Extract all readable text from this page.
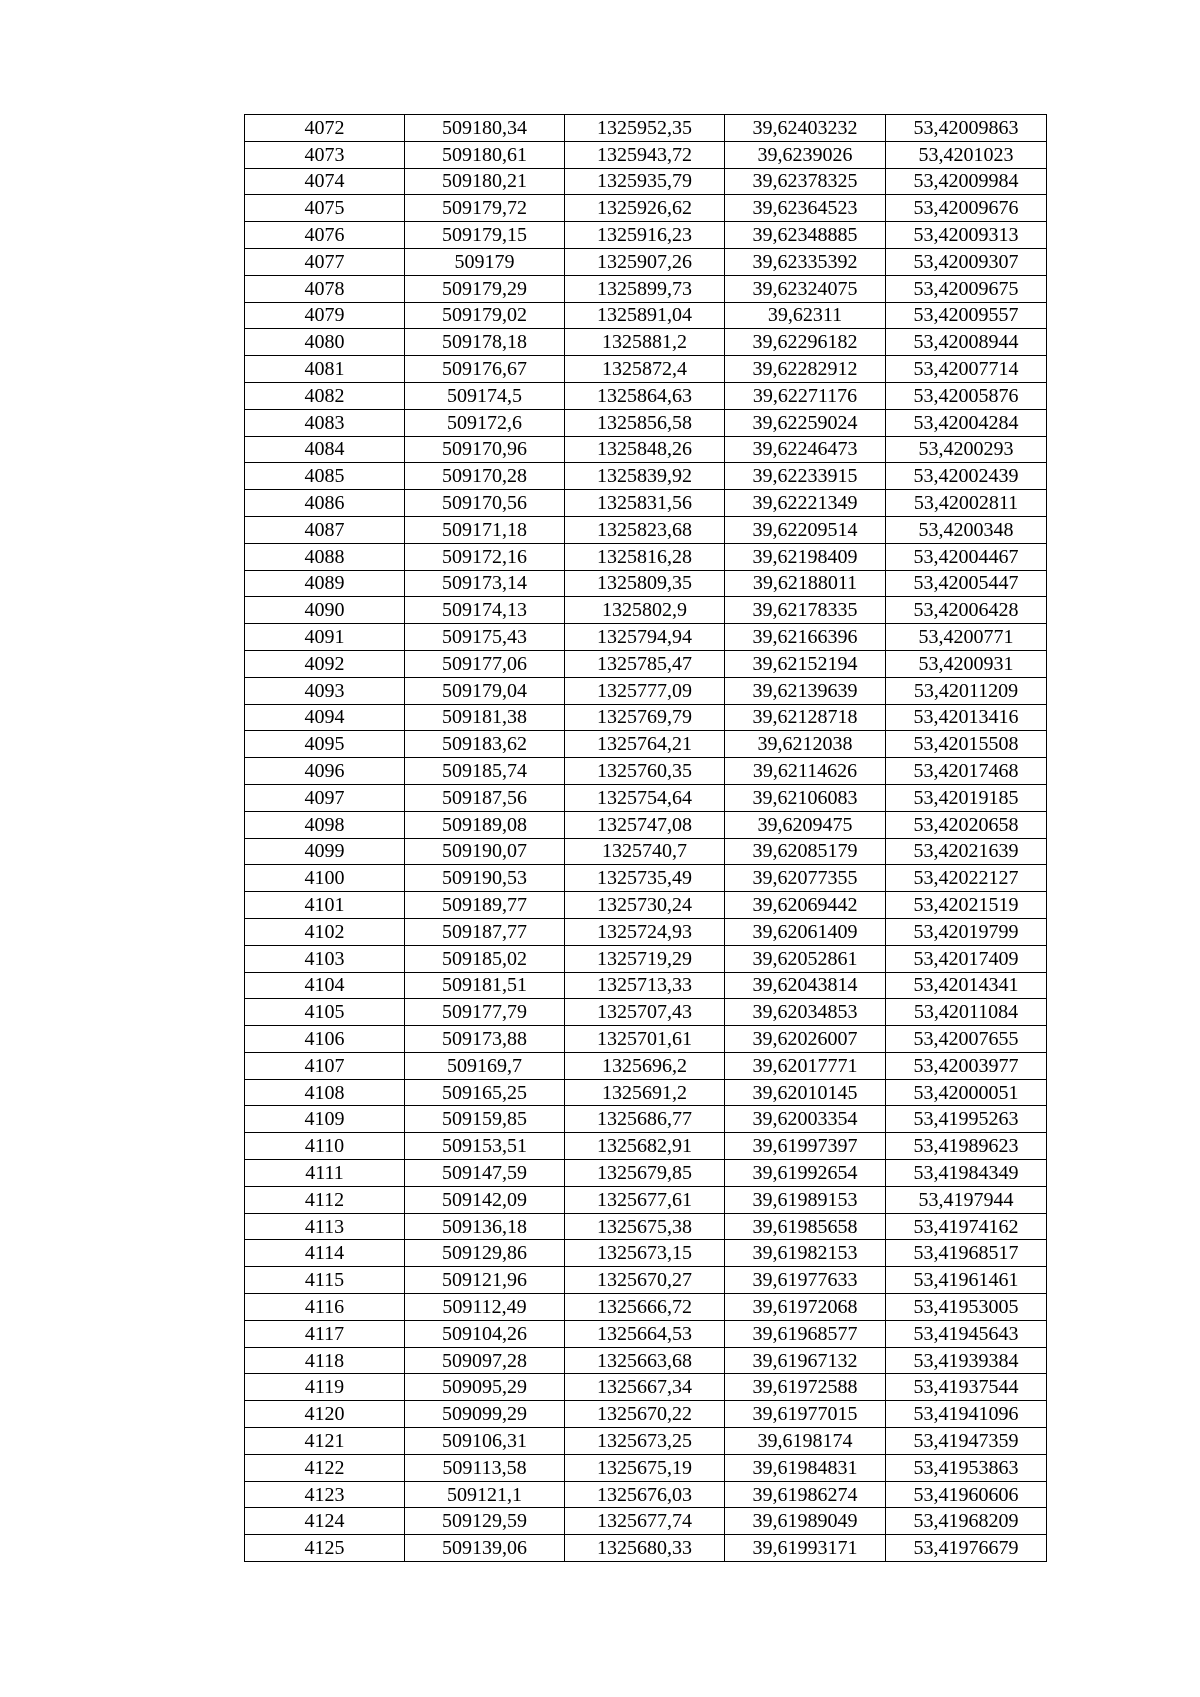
4072	509180,34	1325952,35	39,62403232	53,42009863
4073	509180,61	1325943,72	39,6239026	53,4201023
4074	509180,21	1325935,79	39,62378325	53,42009984
4075	509179,72	1325926,62	39,62364523	53,42009676
4076	509179,15	1325916,23	39,62348885	53,42009313
4077	509179	1325907,26	39,62335392	53,42009307
4078	509179,29	1325899,73	39,62324075	53,42009675
4079	509179,02	1325891,04	39,62311	53,42009557
4080	509178,18	1325881,2	39,62296182	53,42008944
4081	509176,67	1325872,4	39,62282912	53,42007714
4082	509174,5	1325864,63	39,62271176	53,42005876
4083	509172,6	1325856,58	39,62259024	53,42004284
4084	509170,96	1325848,26	39,62246473	53,4200293
4085	509170,28	1325839,92	39,62233915	53,42002439
4086	509170,56	1325831,56	39,62221349	53,42002811
4087	509171,18	1325823,68	39,62209514	53,4200348
4088	509172,16	1325816,28	39,62198409	53,42004467
4089	509173,14	1325809,35	39,62188011	53,42005447
4090	509174,13	1325802,9	39,62178335	53,42006428
4091	509175,43	1325794,94	39,62166396	53,4200771
4092	509177,06	1325785,47	39,62152194	53,4200931
4093	509179,04	1325777,09	39,62139639	53,42011209
4094	509181,38	1325769,79	39,62128718	53,42013416
4095	509183,62	1325764,21	39,6212038	53,42015508
4096	509185,74	1325760,35	39,62114626	53,42017468
4097	509187,56	1325754,64	39,62106083	53,42019185
4098	509189,08	1325747,08	39,6209475	53,42020658
4099	509190,07	1325740,7	39,62085179	53,42021639
4100	509190,53	1325735,49	39,62077355	53,42022127
4101	509189,77	1325730,24	39,62069442	53,42021519
4102	509187,77	1325724,93	39,62061409	53,42019799
4103	509185,02	1325719,29	39,62052861	53,42017409
4104	509181,51	1325713,33	39,62043814	53,42014341
4105	509177,79	1325707,43	39,62034853	53,42011084
4106	509173,88	1325701,61	39,62026007	53,42007655
4107	509169,7	1325696,2	39,62017771	53,42003977
4108	509165,25	1325691,2	39,62010145	53,42000051
4109	509159,85	1325686,77	39,62003354	53,41995263
4110	509153,51	1325682,91	39,61997397	53,41989623
4111	509147,59	1325679,85	39,61992654	53,41984349
4112	509142,09	1325677,61	39,61989153	53,4197944
4113	509136,18	1325675,38	39,61985658	53,41974162
4114	509129,86	1325673,15	39,61982153	53,41968517
4115	509121,96	1325670,27	39,61977633	53,41961461
4116	509112,49	1325666,72	39,61972068	53,41953005
4117	509104,26	1325664,53	39,61968577	53,41945643
4118	509097,28	1325663,68	39,61967132	53,41939384
4119	509095,29	1325667,34	39,61972588	53,41937544
4120	509099,29	1325670,22	39,61977015	53,41941096
4121	509106,31	1325673,25	39,6198174	53,41947359
4122	509113,58	1325675,19	39,61984831	53,41953863
4123	509121,1	1325676,03	39,61986274	53,41960606
4124	509129,59	1325677,74	39,61989049	53,41968209
4125	509139,06	1325680,33	39,61993171	53,41976679
